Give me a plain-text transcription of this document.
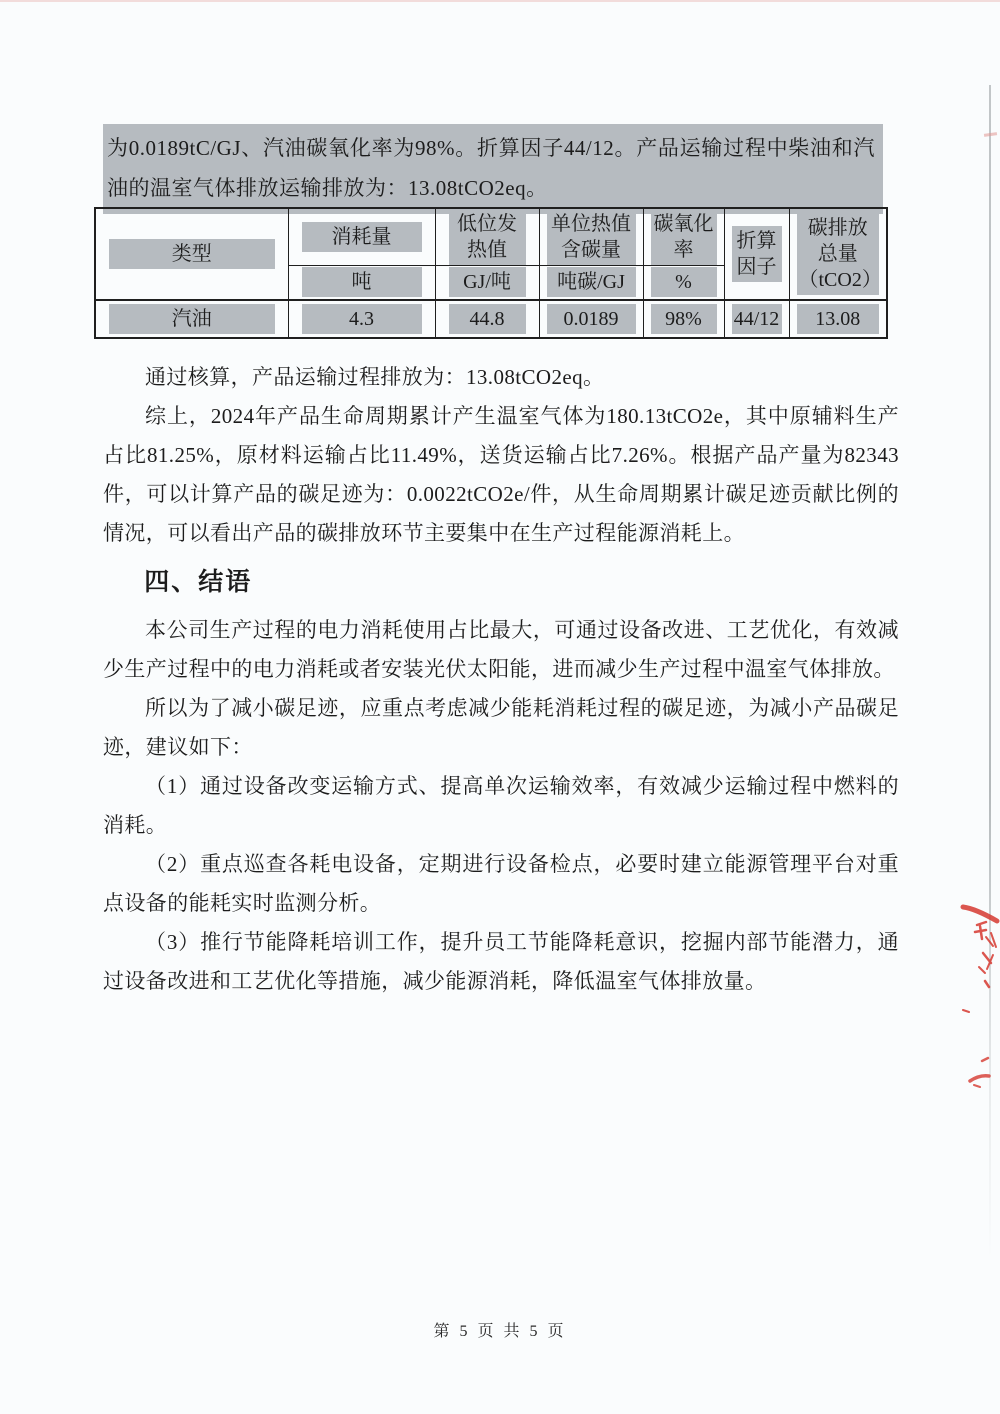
为0.0189tC/GJ、汽油碳氧化率为98%。折算因子44/12。产品运输过程中柴油和汽油的温室气体排放运输排放为：13.08tCO2eq。
类型	消耗量	低位发热值	单位热值含碳量	碳氧化率	折算因子	碳排放总量（tCO2）
	吨	GJ/吨	吨碳/GJ	%		
汽油	4.3	44.8	0.0189	98%	44/12	13.08

通过核算，产品运输过程排放为：13.08tCO2eq。

综上，2024年产品生命周期累计产生温室气体为180.13tCO2e，其中原辅料生产占比81.25%，原材料运输占比11.49%，送货运输占比7.26%。根据产品产量为82343件，可以计算产品的碳足迹为：0.0022tCO2e/件，从生命周期累计碳足迹贡献比例的情况，可以看出产品的碳排放环节主要集中在生产过程能源消耗上。

四、结语

本公司生产过程的电力消耗使用占比最大，可通过设备改进、工艺优化，有效减少生产过程中的电力消耗或者安装光伏太阳能，进而减少生产过程中温室气体排放。

所以为了减小碳足迹，应重点考虑减少能耗消耗过程的碳足迹，为减小产品碳足迹，建议如下：

（1）通过设备改变运输方式、提高单次运输效率，有效减少运输过程中燃料的消耗。

（2）重点巡查各耗电设备，定期进行设备检点，必要时建立能源管理平台对重点设备的能耗实时监测分析。

（3）推行节能降耗培训工作，提升员工节能降耗意识，挖掘内部节能潜力，通过设备改进和工艺优化等措施，减少能源消耗，降低温室气体排放量。

第 5 页 共 5 页
